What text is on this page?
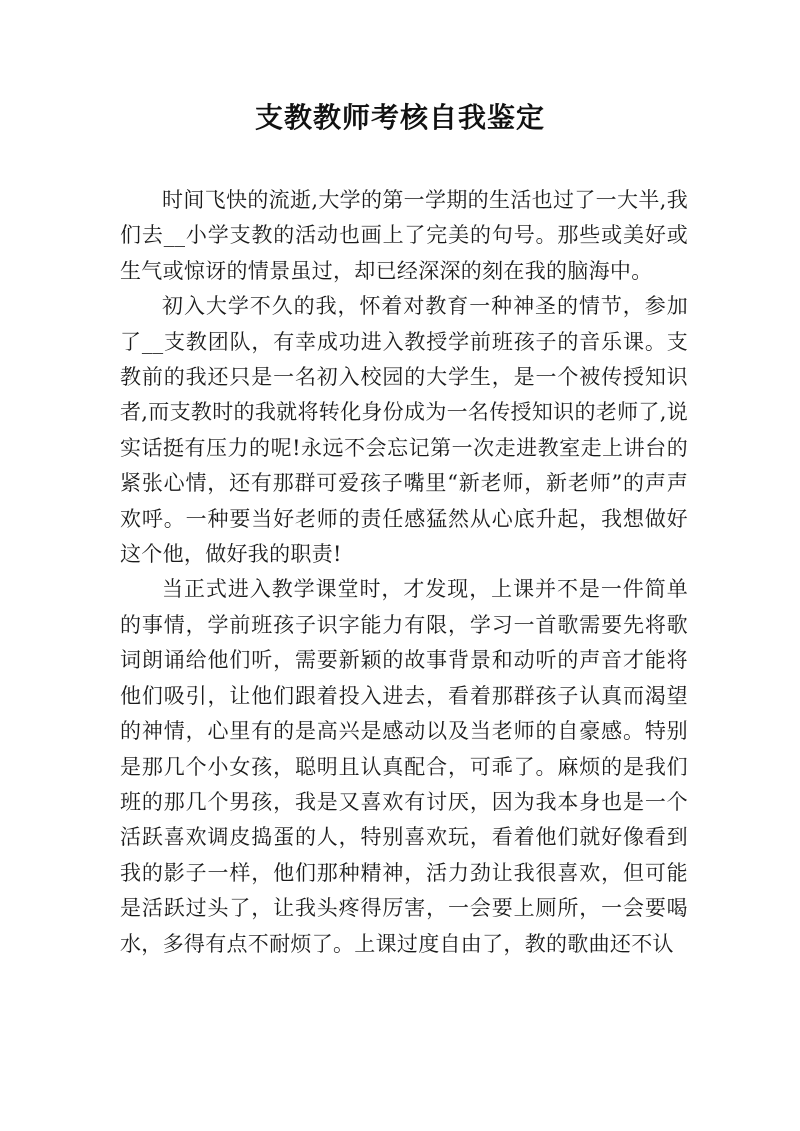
支教教师考核自我鉴定

时间飞快的流逝,大学的第一学期的生活也过了一大半,我们去__小学支教的活动也画上了完美的句号。那些或美好或生气或惊讶的情景虽过，却已经深深的刻在我的脑海中。

初入大学不久的我，怀着对教育一种神圣的情节，参加了__支教团队，有幸成功进入教授学前班孩子的音乐课。支教前的我还只是一名初入校园的大学生，是一个被传授知识者,而支教时的我就将转化身份成为一名传授知识的老师了,说实话挺有压力的呢!永远不会忘记第一次走进教室走上讲台的紧张心情，还有那群可爱孩子嘴里“新老师，新老师”的声声欢呼。一种要当好老师的责任感猛然从心底升起，我想做好这个他，做好我的职责!

当正式进入教学课堂时，才发现，上课并不是一件简单的事情，学前班孩子识字能力有限，学习一首歌需要先将歌词朗诵给他们听，需要新颖的故事背景和动听的声音才能将他们吸引，让他们跟着投入进去，看着那群孩子认真而渴望的神情，心里有的是高兴是感动以及当老师的自豪感。特别是那几个小女孩，聪明且认真配合，可乖了。麻烦的是我们班的那几个男孩，我是又喜欢有讨厌，因为我本身也是一个活跃喜欢调皮捣蛋的人，特别喜欢玩，看着他们就好像看到我的影子一样，他们那种精神，活力劲让我很喜欢，但可能是活跃过头了，让我头疼得厉害，一会要上厕所，一会要喝水，多得有点不耐烦了。上课过度自由了，教的歌曲还不认
